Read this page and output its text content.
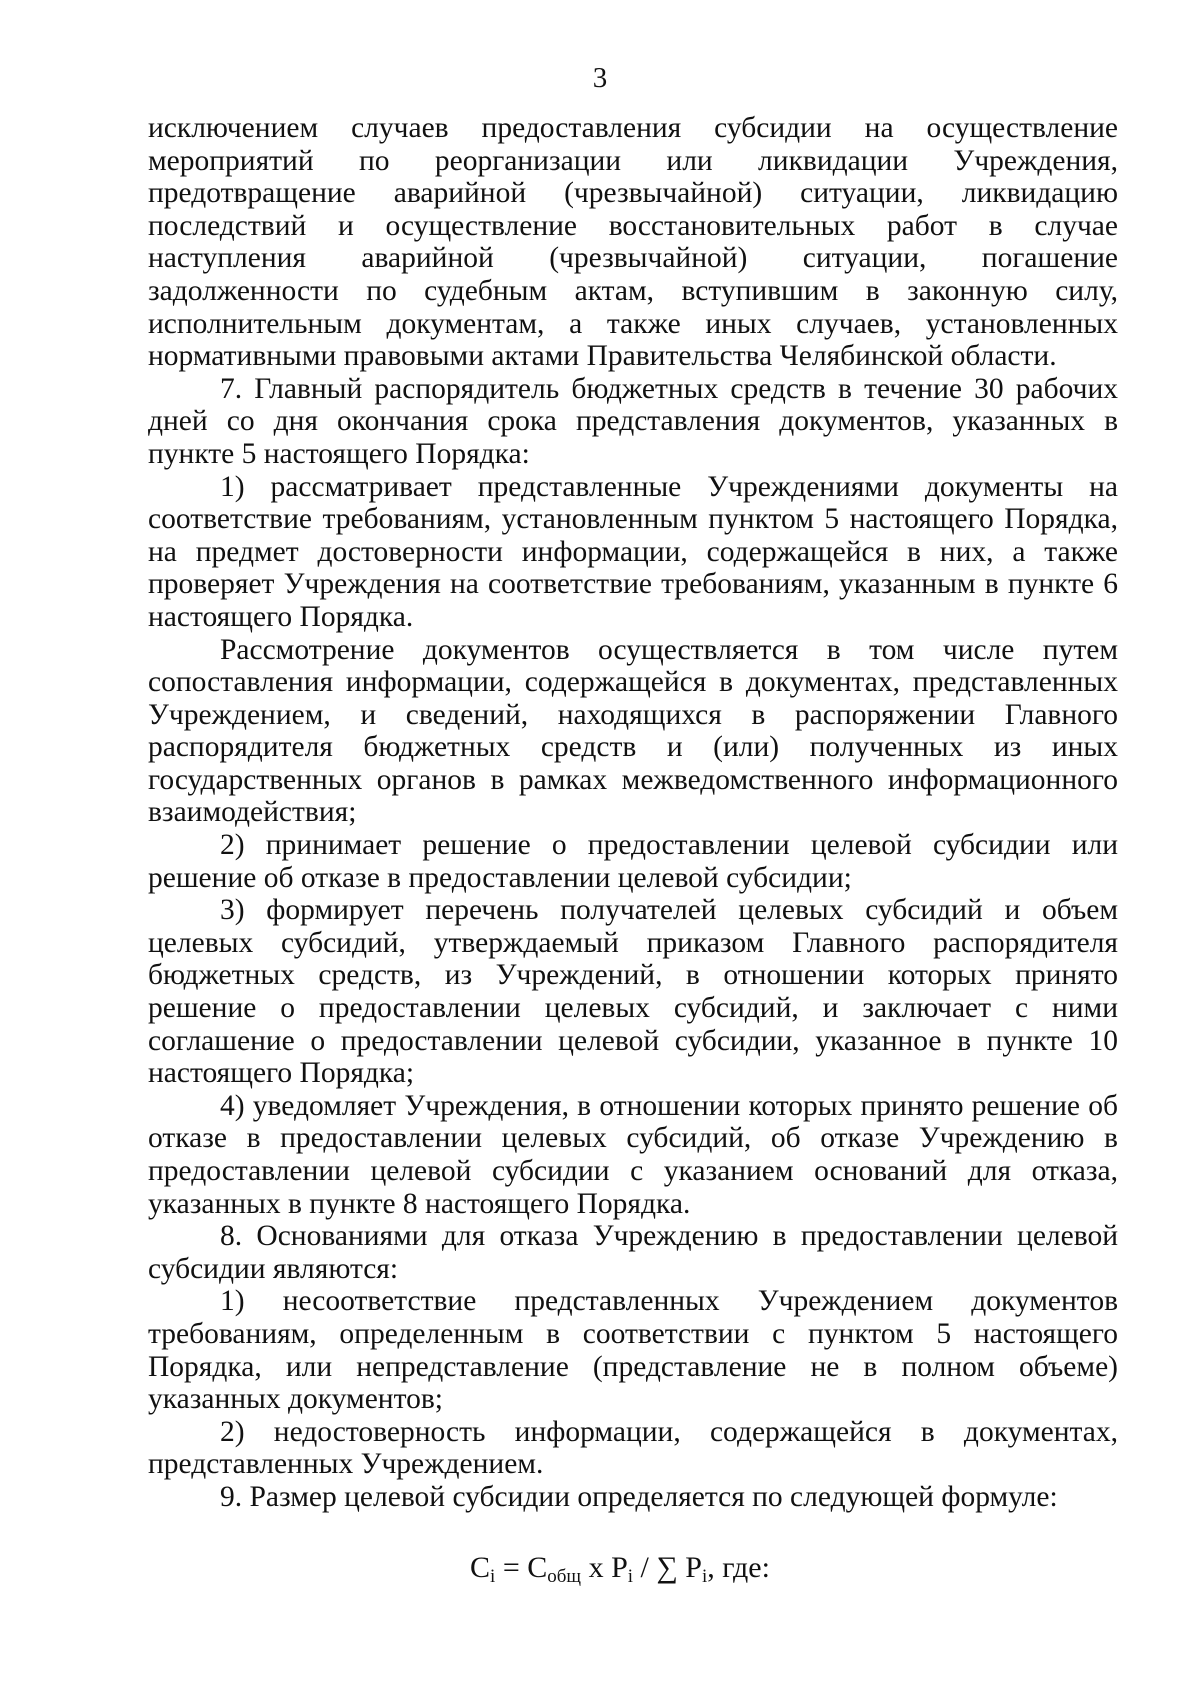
3

исключением случаев предоставления субсидии на осуществление мероприятий по реорганизации или ликвидации Учреждения, предотвращение аварийной (чрезвычайной) ситуации, ликвидацию последствий и осуществление восстановительных работ в случае наступления аварийной (чрезвычайной) ситуации, погашение задолженности по судебным актам, вступившим в законную силу, исполнительным документам, а также иных случаев, установленных нормативными правовыми актами Правительства Челябинской области.

7. Главный распорядитель бюджетных средств в течение 30 рабочих дней со дня окончания срока представления документов, указанных в пункте 5 настоящего Порядка:

1) рассматривает представленные Учреждениями документы на соответствие требованиям, установленным пунктом 5 настоящего Порядка, на предмет достоверности информации, содержащейся в них, а также проверяет Учреждения на соответствие требованиям, указанным в пункте 6 настоящего Порядка.

Рассмотрение документов осуществляется в том числе путем сопоставления информации, содержащейся в документах, представленных Учреждением, и сведений, находящихся в распоряжении Главного распорядителя бюджетных средств и (или) полученных из иных государственных органов в рамках межведомственного информационного взаимодействия;

2) принимает решение о предоставлении целевой субсидии или решение об отказе в предоставлении целевой субсидии;

3) формирует перечень получателей целевых субсидий и объем целевых субсидий, утверждаемый приказом Главного распорядителя бюджетных средств, из Учреждений, в отношении которых принято решение о предоставлении целевых субсидий, и заключает с ними соглашение о предоставлении целевой субсидии, указанное в пункте 10 настоящего Порядка;

4) уведомляет Учреждения, в отношении которых принято решение об отказе в предоставлении целевых субсидий, об отказе Учреждению в предоставлении целевой субсидии с указанием оснований для отказа, указанных в пункте 8 настоящего Порядка.

8. Основаниями для отказа Учреждению в предоставлении целевой субсидии являются:

1) несоответствие представленных Учреждением документов требованиям, определенным в соответствии с пунктом 5 настоящего Порядка, или непредставление (представление не в полном объеме) указанных документов;

2) недостоверность информации, содержащейся в документах, представленных Учреждением.

9. Размер целевой субсидии определяется по следующей формуле:

$C_i = C_{общ}$ x $P_i$ / ∑ $P_i$, где:
